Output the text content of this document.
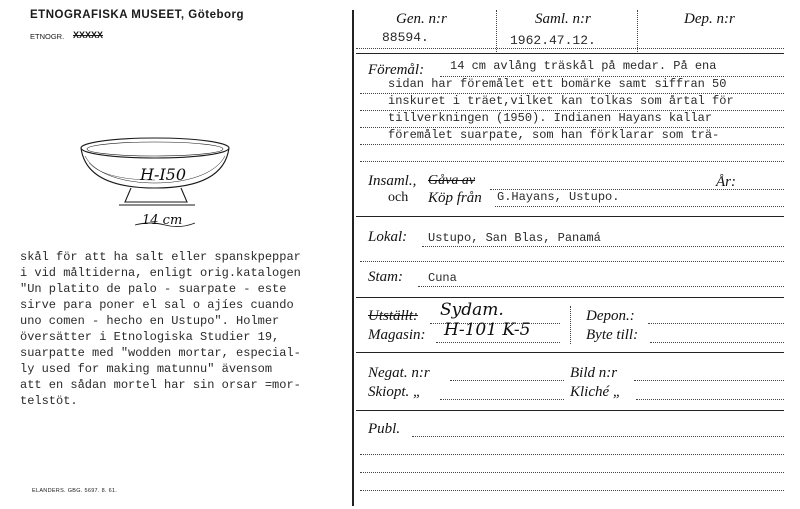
ETNOGRAFISKA MUSEET, Göteborg
ETNOGR. XXXXX
H-I50
14 cm
skål för att ha salt eller spanskpeppar
i vid måltiderna, enligt orig.katalogen
"Un platito de palo - suarpate - este
sirve para poner el sal o ajíes cuando
uno comen - hecho en Ustupo". Holmer
översätter i Etnologiska Studier 19,
suarpatte med "wodden mortar, especial-
ly used for making matunnu" ävensom
att en sådan mortel har sin orsar =mor-
telstöt.
ELANDERS. GBG. 5697. 8. 61.
Gen. n:r	Saml. n:r	Dep. n:r
88594.	1962.47.12.
Föremål: 14 cm avlång träskål på medar. På ena
sidan har föremålet ett bomärke samt siffran 50
inskuret i träet,vilket kan tolkas som årtal för
tillverkningen (1950). Indianen Hayans kallar
föremålet suarpate, som han förklarar som trä-
Insaml., Gåva av	År:
och Köp från G.Hayans, Ustupo.
Lokal: Ustupo, San Blas, Panamá
Stam: Cuna
Utställt: Sydam.
Magasin: H-101 K-5
Depon.:
Byte till:
Negat. n:r	Bild n:r
Skiopt. „	Kliché „
Publ.
